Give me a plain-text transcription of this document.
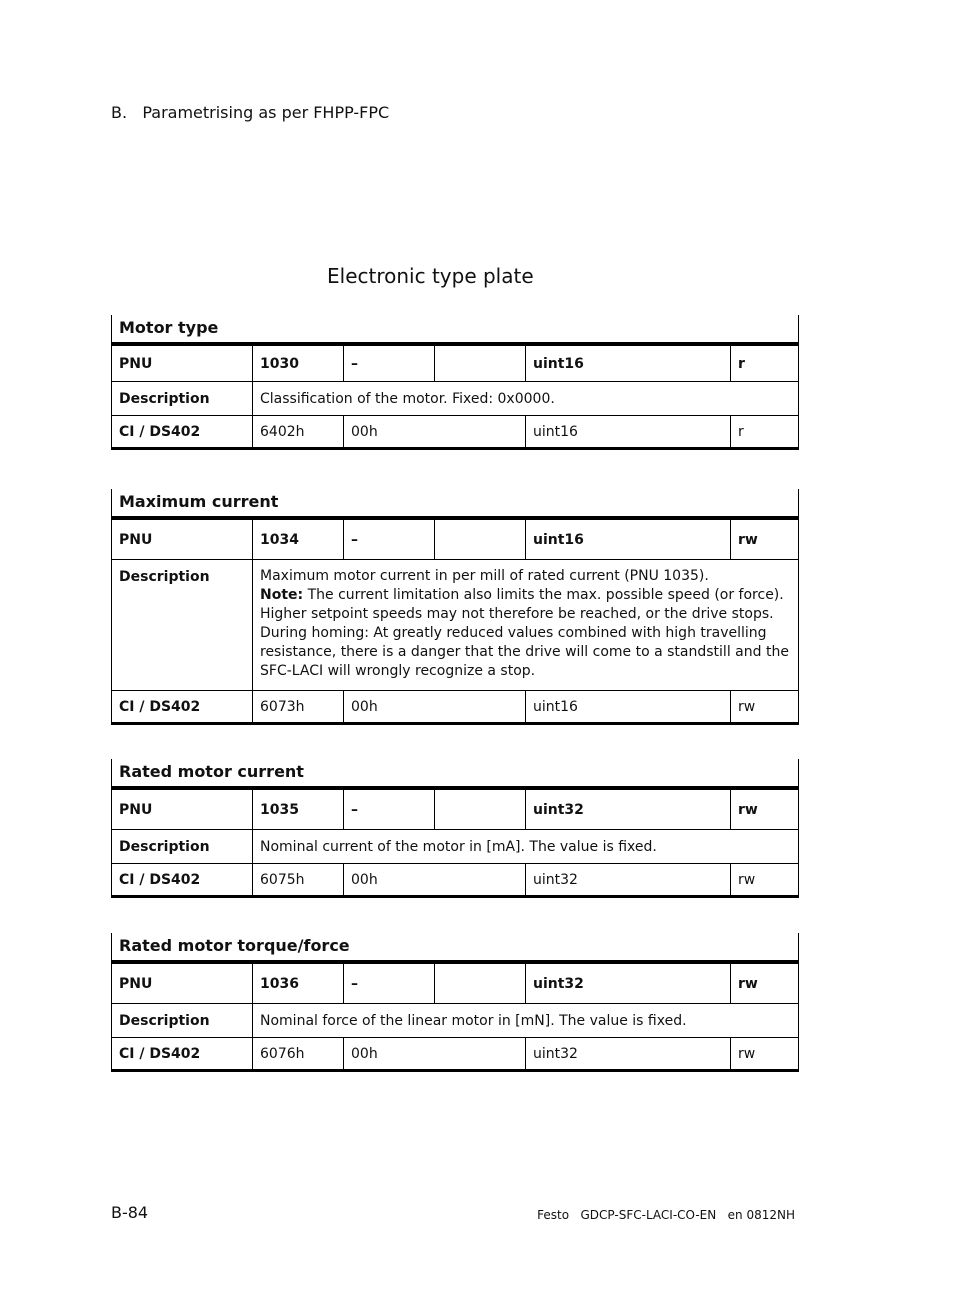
B. Parametrising as per FHPP-FPC
Electronic type plate
Motor type
PNU	1030	–	uint16	r
Description	Classification of the motor. Fixed: 0x0000.
CI / DS402	6402h	00h	uint16	r
Maximum current
PNU	1034	–	uint16	rw
Description	Maximum motor current in per mill of rated current (PNU 1035).
Note: The current limitation also limits the max. possible speed (or force). Higher setpoint speeds may not therefore be reached, or the drive stops.
During homing: At greatly reduced values combined with high travelling resistance, there is a danger that the drive will come to a standstill and the SFC-LACI will wrongly recognize a stop.
CI / DS402	6073h	00h	uint16	rw
Rated motor current
PNU	1035	–	uint32	rw
Description	Nominal current of the motor in [mA]. The value is fixed.
CI / DS402	6075h	00h	uint32	rw
Rated motor torque/force
PNU	1036	–	uint32	rw
Description	Nominal force of the linear motor in [mN]. The value is fixed.
CI / DS402	6076h	00h	uint32	rw
B-84	Festo   GDCP-SFC-LACI-CO-EN   en 0812NH
